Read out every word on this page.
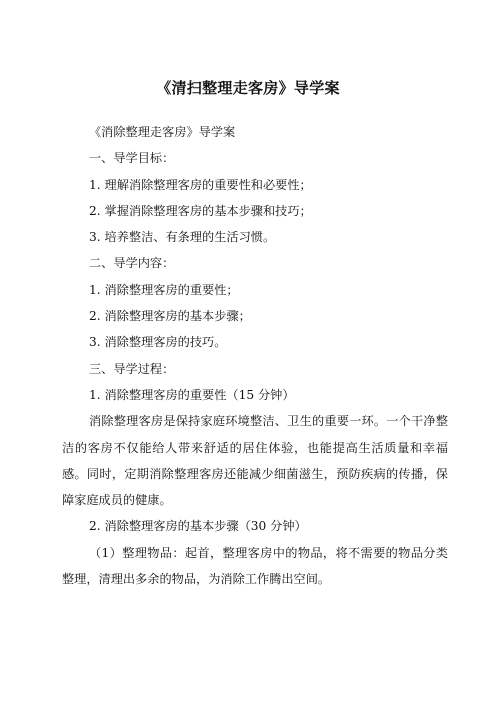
《清扫整理走客房》导学案

《消除整理走客房》导学案

一、导学目标：

1. 理解消除整理客房的重要性和必要性；

2. 掌握消除整理客房的基本步骤和技巧；

3. 培养整洁、有条理的生活习惯。

二、导学内容：

1. 消除整理客房的重要性；

2. 消除整理客房的基本步骤；

3. 消除整理客房的技巧。

三、导学过程：

1. 消除整理客房的重要性（15 分钟）

消除整理客房是保持家庭环境整洁、卫生的重要一环。一个干净整洁的客房不仅能给人带来舒适的居住体验，也能提高生活质量和幸福感。同时，定期消除整理客房还能减少细菌滋生，预防疾病的传播，保障家庭成员的健康。

2. 消除整理客房的基本步骤（30 分钟）

（1）整理物品：起首，整理客房中的物品，将不需要的物品分类整理，清理出多余的物品，为消除工作腾出空间。
